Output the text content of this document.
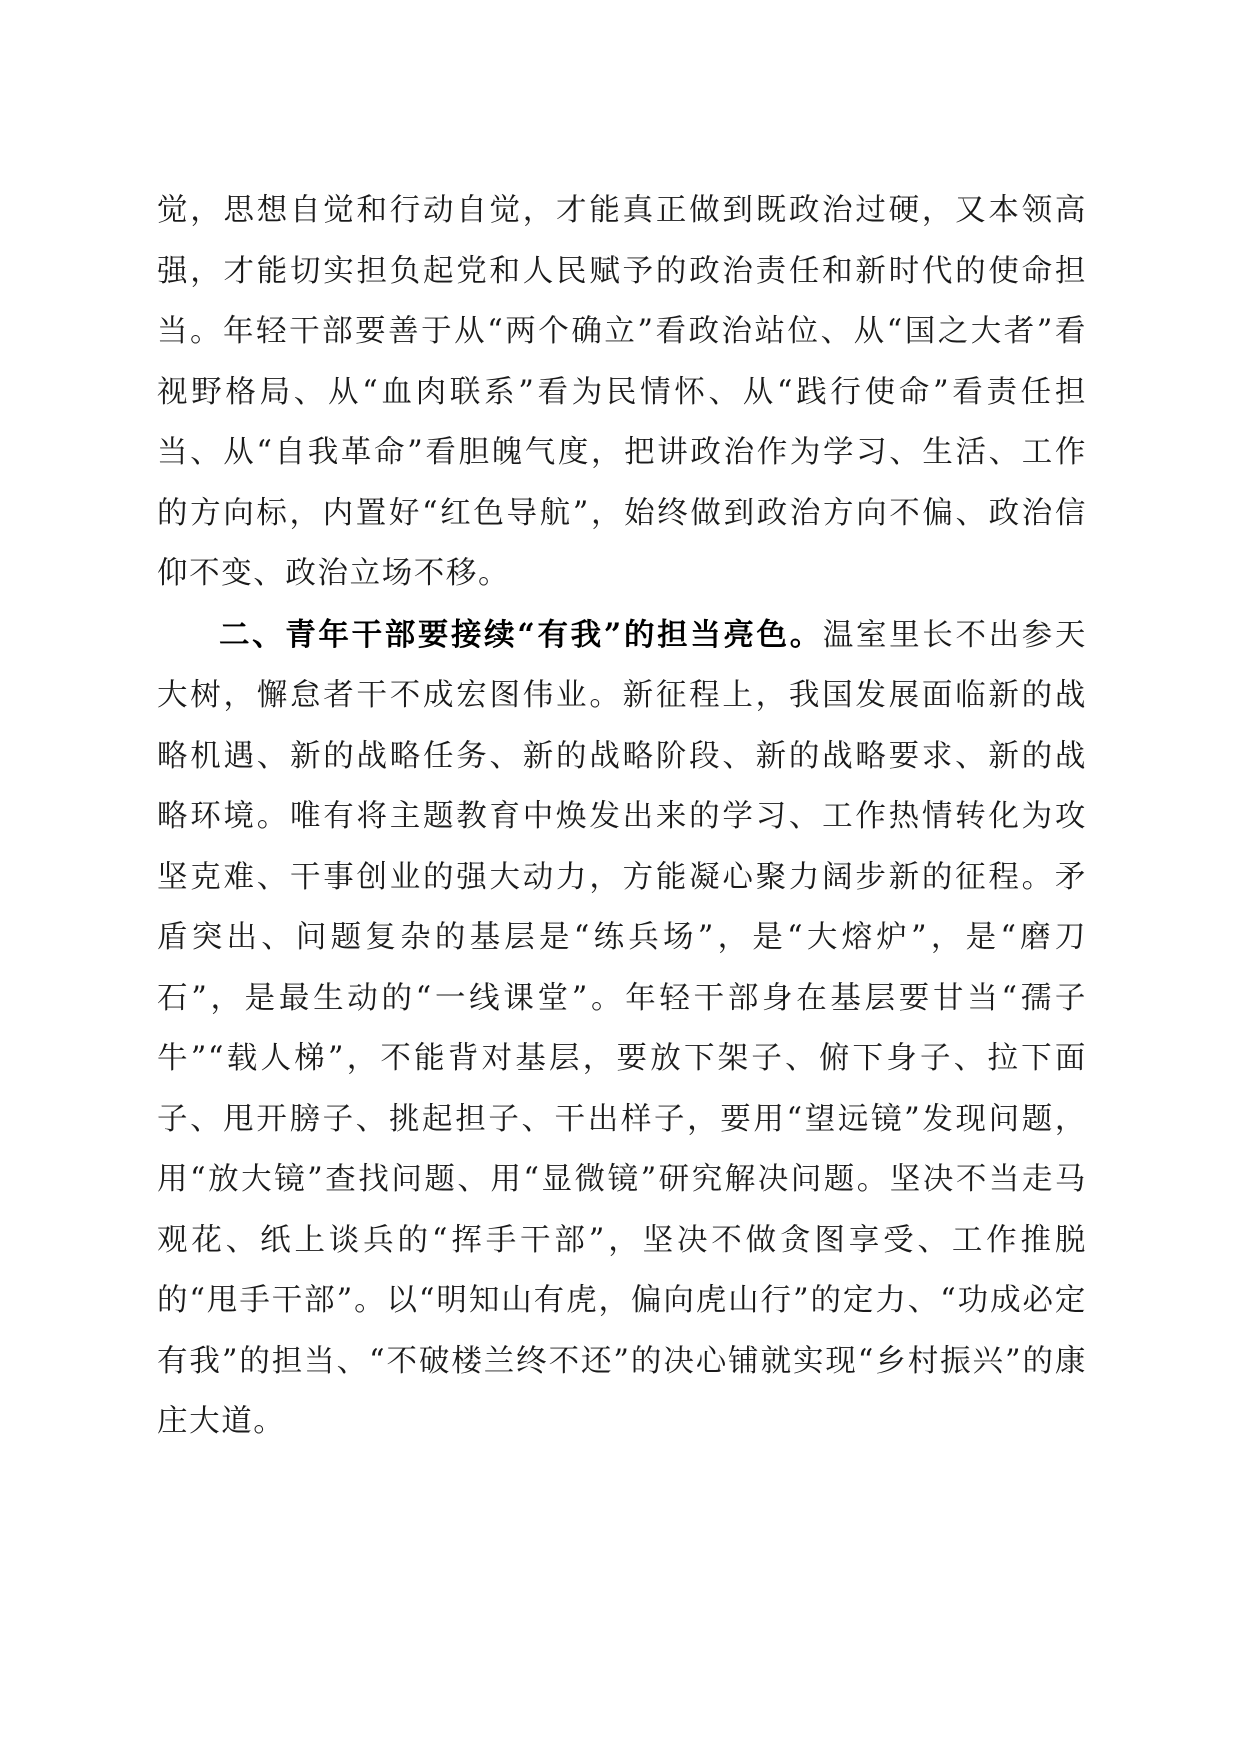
觉，思想自觉和行动自觉，才能真正做到既政治过硬，又本领高强，才能切实担负起党和人民赋予的政治责任和新时代的使命担当。年轻干部要善于从“两个确立”看政治站位、从“国之大者”看视野格局、从“血肉联系”看为民情怀、从“践行使命”看责任担当、从“自我革命”看胆魄气度，把讲政治作为学习、生活、工作的方向标，内置好“红色导航”，始终做到政治方向不偏、政治信仰不变、政治立场不移。

二、青年干部要接续“有我”的担当亮色。温室里长不出参天大树，懈怠者干不成宏图伟业。新征程上，我国发展面临新的战略机遇、新的战略任务、新的战略阶段、新的战略要求、新的战略环境。唯有将主题教育中焕发出来的学习、工作热情转化为攻坚克难、干事创业的强大动力，方能凝心聚力阔步新的征程。矛盾突出、问题复杂的基层是“练兵场”，是“大熔炉”，是“磨刀石”，是最生动的“一线课堂”。年轻干部身在基层要甘当“孺子牛”“载人梯”，不能背对基层，要放下架子、俯下身子、拉下面子、甩开膀子、挑起担子、干出样子，要用“望远镜”发现问题，用“放大镜”查找问题、用“显微镜”研究解决问题。坚决不当走马观花、纸上谈兵的“挥手干部”，坚决不做贪图享受、工作推脱的“甩手干部”。以“明知山有虎，偏向虎山行”的定力、“功成必定有我”的担当、“不破楼兰终不还”的决心铺就实现“乡村振兴”的康庄大道。
